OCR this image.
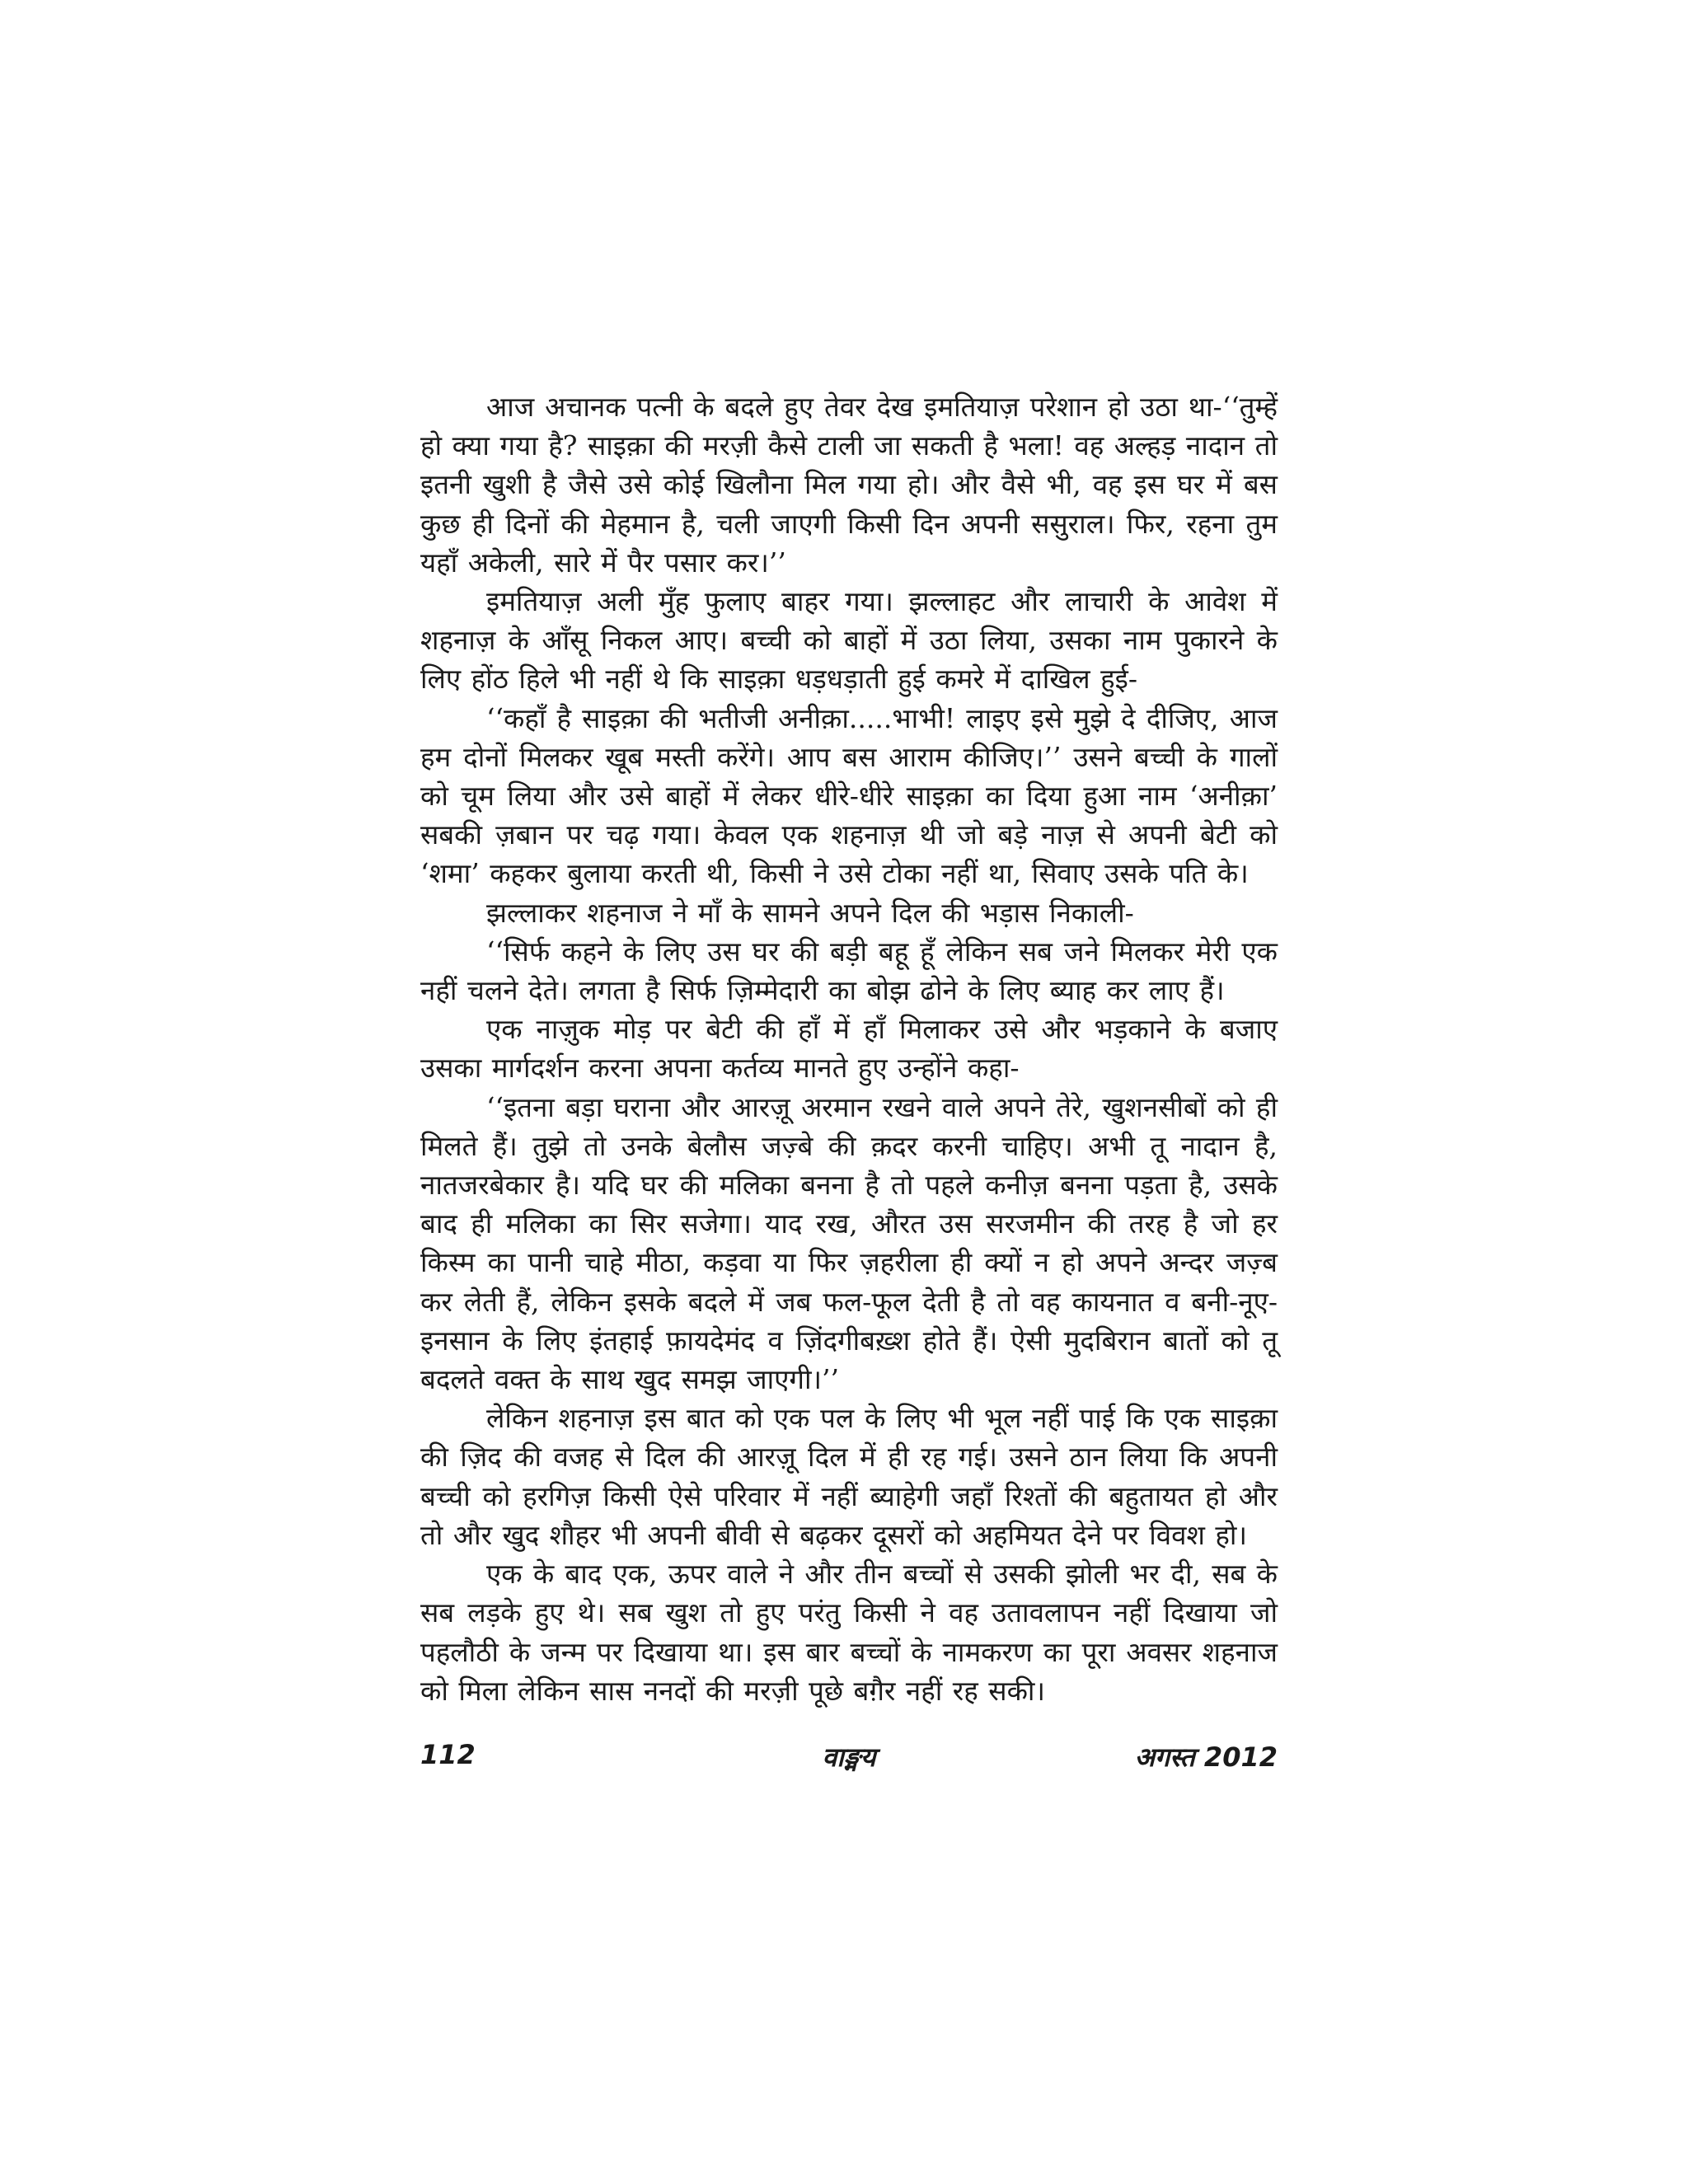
आज अचानक पत्नी के बदले हुए तेवर देख इमतियाज़ परेशान हो उठा था-‘‘तुम्हें हो क्या गया है? साइक़ा की मरज़ी कैसे टाली जा सकती है भला! वह अल्हड़ नादान तो इतनी खुशी है जैसे उसे कोई खिलौना मिल गया हो। और वैसे भी, वह इस घर में बस कुछ ही दिनों की मेहमान है, चली जाएगी किसी दिन अपनी ससुराल। फिर, रहना तुम यहाँ अकेली, सारे में पैर पसार कर।’’

इमतियाज़ अली मुँह फुलाए बाहर गया। झल्लाहट और लाचारी के आवेश में शहनाज़ के आँसू निकल आए। बच्ची को बाहों में उठा लिया, उसका नाम पुकारने के लिए होंठ हिले भी नहीं थे कि साइक़ा धड़धड़ाती हुई कमरे में दाखिल हुई-

‘‘कहाँ है साइक़ा की भतीजी अनीक़ा.....भाभी! लाइए इसे मुझे दे दीजिए, आज हम दोनों मिलकर खूब मस्ती करेंगे। आप बस आराम कीजिए।’’ उसने बच्ची के गालों को चूम लिया और उसे बाहों में लेकर धीरे-धीरे साइक़ा का दिया हुआ नाम ‘अनीक़ा’ सबकी ज़बान पर चढ़ गया। केवल एक शहनाज़ थी जो बड़े नाज़ से अपनी बेटी को ‘शमा’ कहकर बुलाया करती थी, किसी ने उसे टोका नहीं था, सिवाए उसके पति के।

झल्लाकर शहनाज ने माँ के सामने अपने दिल की भड़ास निकाली-

‘‘सिर्फ कहने के लिए उस घर की बड़ी बहू हूँ लेकिन सब जने मिलकर मेरी एक नहीं चलने देते। लगता है सिर्फ ज़िम्मेदारी का बोझ ढोने के लिए ब्याह कर लाए हैं।

एक नाज़ुक मोड़ पर बेटी की हाँ में हाँ मिलाकर उसे और भड़काने के बजाए उसका मार्गदर्शन करना अपना कर्तव्य मानते हुए उन्होंने कहा-

‘‘इतना बड़ा घराना और आरज़ू अरमान रखने वाले अपने तेरे, खुशनसीबों को ही मिलते हैं। तुझे तो उनके बेलौस जज़्बे की क़दर करनी चाहिए। अभी तू नादान है, नातजरबेकार है। यदि घर की मलिका बनना है तो पहले कनीज़ बनना पड़ता है, उसके बाद ही मलिका का सिर सजेगा। याद रख, औरत उस सरजमीन की तरह है जो हर किस्म का पानी चाहे मीठा, कड़वा या फिर ज़हरीला ही क्यों न हो अपने अन्दर जज़्ब कर लेती हैं, लेकिन इसके बदले में जब फल-फूल देती है तो वह कायनात व बनी-नूए-इनसान के लिए इंतहाई फ़ायदेमंद व ज़िंदगीबख़्श होते हैं। ऐसी मुदबिरान बातों को तू बदलते वक्त के साथ खुद समझ जाएगी।’’

लेकिन शहनाज़ इस बात को एक पल के लिए भी भूल नहीं पाई कि एक साइक़ा की ज़िद की वजह से दिल की आरज़ू दिल में ही रह गई। उसने ठान लिया कि अपनी बच्ची को हरगिज़ किसी ऐसे परिवार में नहीं ब्याहेगी जहाँ रिश्तों की बहुतायत हो और तो और खुद शौहर भी अपनी बीवी से बढ़कर दूसरों को अहमियत देने पर विवश हो।

एक के बाद एक, ऊपर वाले ने और तीन बच्चों से उसकी झोली भर दी, सब के सब लड़के हुए थे। सब खुश तो हुए परंतु किसी ने वह उतावलापन नहीं दिखाया जो पहलौठी के जन्म पर दिखाया था। इस बार बच्चों के नामकरण का पूरा अवसर शहनाज को मिला लेकिन सास ननदों की मरज़ी पूछे बग़ैर नहीं रह सकी।

112	वाङ्मय	अगस्त 2012
